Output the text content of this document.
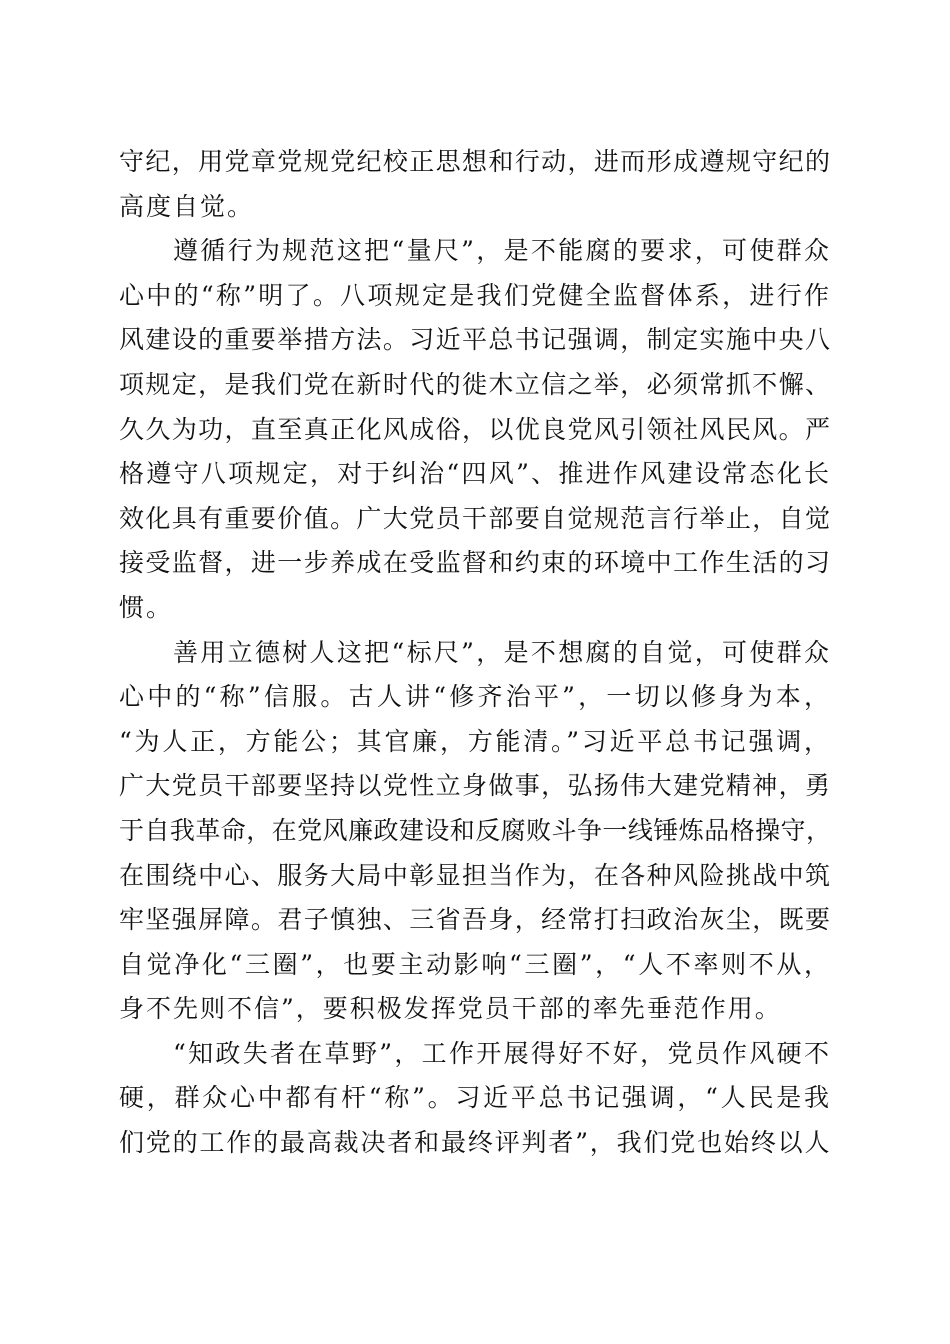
守纪，用党章党规党纪校正思想和行动，进而形成遵规守纪的
高度自觉。
遵循行为规范这把“量尺”，是不能腐的要求，可使群众
心中的“称”明了。八项规定是我们党健全监督体系，进行作
风建设的重要举措方法。习近平总书记强调，制定实施中央八
项规定，是我们党在新时代的徙木立信之举，必须常抓不懈、
久久为功，直至真正化风成俗，以优良党风引领社风民风。严
格遵守八项规定，对于纠治“四风”、推进作风建设常态化长
效化具有重要价值。广大党员干部要自觉规范言行举止，自觉
接受监督，进一步养成在受监督和约束的环境中工作生活的习
惯。
善用立德树人这把“标尺”，是不想腐的自觉，可使群众
心中的“称”信服。古人讲“修齐治平”，一切以修身为本，
“为人正，方能公；其官廉，方能清。”习近平总书记强调，
广大党员干部要坚持以党性立身做事，弘扬伟大建党精神，勇
于自我革命，在党风廉政建设和反腐败斗争一线锤炼品格操守，
在围绕中心、服务大局中彰显担当作为，在各种风险挑战中筑
牢坚强屏障。君子慎独、三省吾身，经常打扫政治灰尘，既要
自觉净化“三圈”，也要主动影响“三圈”，“人不率则不从，
身不先则不信”，要积极发挥党员干部的率先垂范作用。
“知政失者在草野”，工作开展得好不好，党员作风硬不
硬，群众心中都有杆“称”。习近平总书记强调，“人民是我
们党的工作的最高裁决者和最终评判者”，我们党也始终以人
